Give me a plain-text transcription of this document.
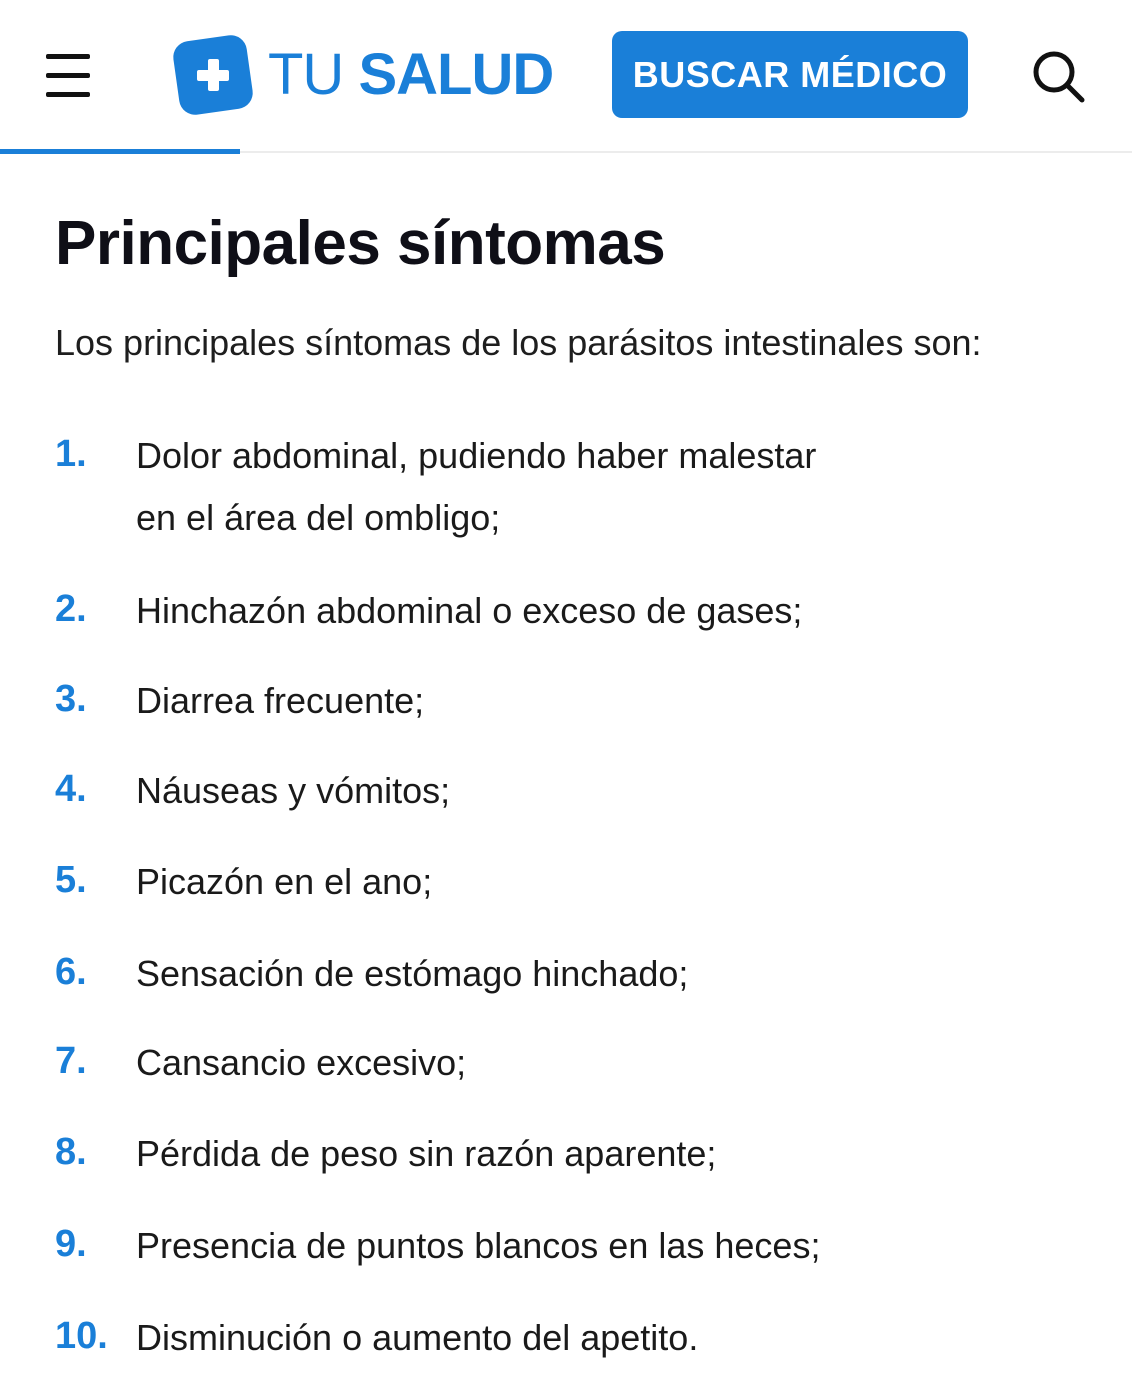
TU SALUD	BUSCAR MÉDICO
Principales síntomas

Los principales síntomas de los parásitos intestinales son:

1. Dolor abdominal, pudiendo haber malestar
en el área del ombligo;
2. Hinchazón abdominal o exceso de gases;
3. Diarrea frecuente;
4. Náuseas y vómitos;
5. Picazón en el ano;
6. Sensación de estómago hinchado;
7. Cansancio excesivo;
8. Pérdida de peso sin razón aparente;
9. Presencia de puntos blancos en las heces;
10. Disminución o aumento del apetito.
